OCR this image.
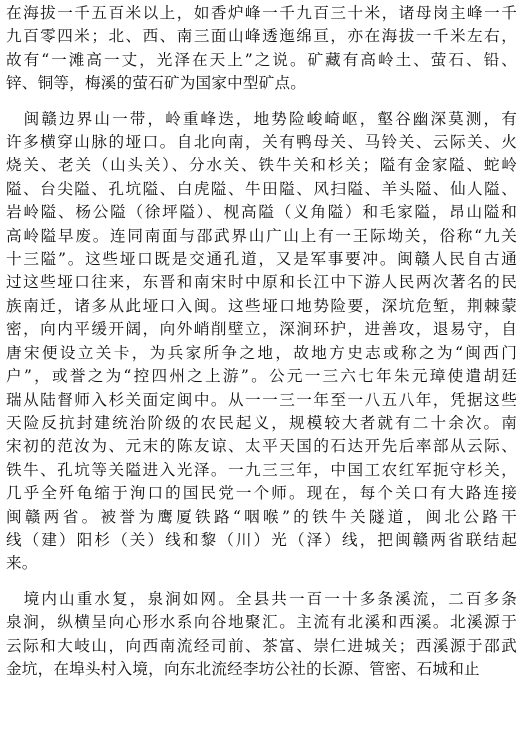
在海拔一千五百米以上，如香炉峰一千九百三十米，诸母岗主峰一千
九百零四米；北、西、南三面山峰透迤绵亘，亦在海拔一千米左右，
故有“一滩高一丈，光泽在天上”之说。矿藏有高岭土、萤石、铅、
锌、铜等，梅溪的萤石矿为国家中型矿点。
　闽赣边界山一带，岭重峰迭，地势险峻崎岖，壑谷幽深莫测，有
许多横穿山脉的垭口。自北向南，关有鸭母关、马铃关、云际关、火
烧关、老关（山头关）、分水关、铁牛关和杉关；隘有金家隘、蛇岭
隘、台尖隘、孔坑隘、白虎隘、牛田隘、风扫隘、羊头隘、仙人隘、
岩岭隘、杨公隘（徐坪隘）、枧高隘（义角隘）和毛家隘，昂山隘和
高岭隘早废。连同南面与邵武界山广山上有一王际坳关，俗称“九关
十三隘”。这些垭口既是交通孔道，又是军事要冲。闽赣人民自古通
过这些垭口往来，东晋和南宋时中原和长江中下游人民两次著名的民
族南迁，诸多从此垭口入闽。这些垭口地势险要，深坑危堑，荆棘蒙
密，向内平缓开阔，向外峭削壁立，深涧环护，进善攻，退易守，自
唐宋便设立关卡，为兵家所争之地，故地方史志或称之为“闽西门
户”，或誉之为“控四州之上游”。公元一三六七年朱元璋使遣胡廷
瑞从陆督师入杉关面定闽中。从一一三一年至一八五八年，凭据这些
天险反抗封建统治阶级的农民起义，规模较大者就有二十余次。南
宋初的范汝为、元末的陈友谅、太平天国的石达开先后率部从云际、
铁牛、孔坑等关隘进入光泽。一九三三年，中国工农红军扼守杉关，
几乎全歼龟缩于洵口的国民党一个师。现在，每个关口有大路连接
闽赣两省。被誉为鹰厦铁路“咽喉”的铁牛关隧道，闽北公路干
线（建）阳杉（关）线和黎（川）光（泽）线，把闽赣两省联结起
来。
　境内山重水复，泉涧如网。全县共一百一十多条溪流，二百多条
泉涧，纵横呈向心形水系向谷地聚汇。主流有北溪和西溪。北溪源于
云际和大岐山，向西南流经司前、茶富、崇仁进城关；西溪源于邵武
金坑，在埠头村入境，向东北流经李坊公社的长源、管密、石城和止
